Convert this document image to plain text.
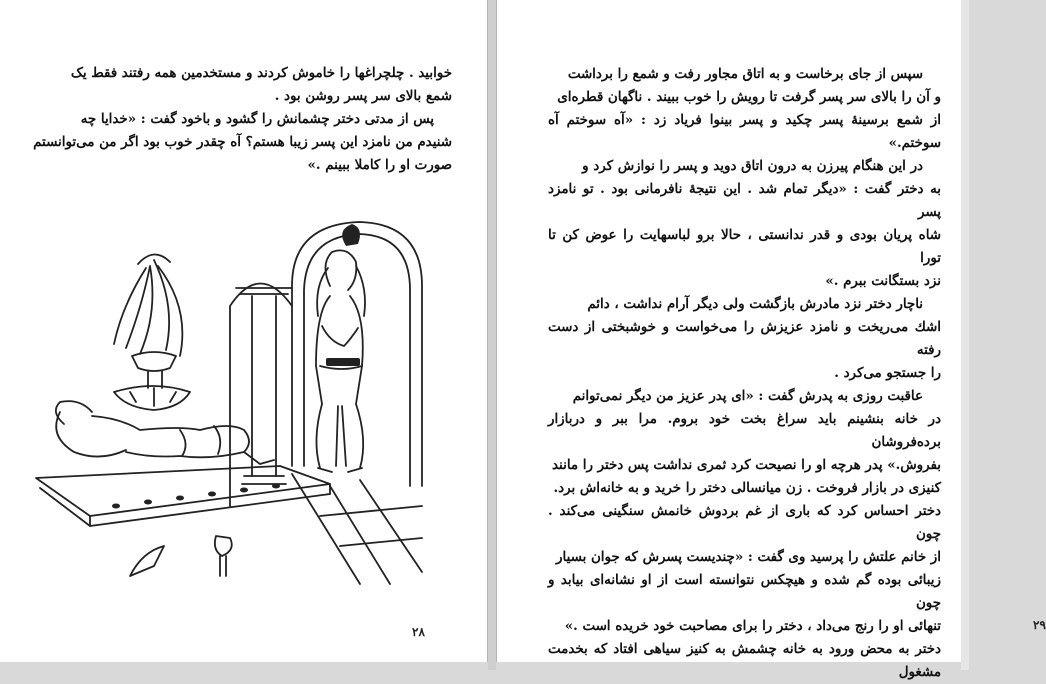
خوابید . چلچراغها را خاموش کردند و مستخدمین همه رفتند فقط یک

شمع بالای سر پسر روشن بود .

پس از مدتی دختر چشمانش را گشود و باخود گفت : «خدایا چه

شنیدم من نامزد این پسر زیبا هستم؟ آه چقدر خوب بود اگر من می‌توانستم

صورت او را کاملا ببینم .»

۲۸	۲۹

سپس از جای برخاست و به اتاق مجاور رفت و شمع را برداشت

و آن را بالای سر پسر گرفت تا رویش را خوب ببیند . ناگهان قطره‌ای

از شمع برسینهٔ پسر چکید و پسر بینوا فریاد زد : «آه سوختم آه سوختم.»

در این هنگام پیرزن به درون اتاق دوید و پسر را نوازش کرد و

به دختر گفت : «دیگر تمام شد . این نتیجهٔ نافرمانی بود . تو نامزد پسر

شاه پریان بودی و قدر ندانستی ، حالا برو لباسهایت را عوض کن تا تورا

نزد بستگانت ببرم .»

ناچار دختر نزد مادرش بازگشت ولی دیگر آرام نداشت ، دائم

اشك می‌ریخت و نامزد عزیزش را می‌خواست و خوشبختی از دست رفته

را جستجو می‌کرد .

عاقبت روزی به پدرش گفت : «ای پدر عزیز من دیگر نمی‌توانم

در خانه بنشینم باید سراغ بخت خود بروم. مرا ببر و دربازار برده‌فروشان

بفروش.» پدر هرچه او را نصیحت کرد ثمری نداشت پس دختر را مانند

کنیزی در بازار فروخت . زن میانسالی دختر را خرید و به خانه‌اش برد.

دختر احساس کرد که باری از غم بردوش خانمش سنگینی می‌کند . چون

از خانم علتش را پرسید وی گفت : «چندیست پسرش که جوان بسیار

زیبائی بوده گم شده و هیچکس نتوانسته است از او نشانه‌ای بیابد و چون

تنهائی او را رنج می‌داد ، دختر را برای مصاحبت خود خریده است .»

دختر به محض ورود به خانه چشمش به کنیز سیاهی افتاد که بخدمت مشغول
